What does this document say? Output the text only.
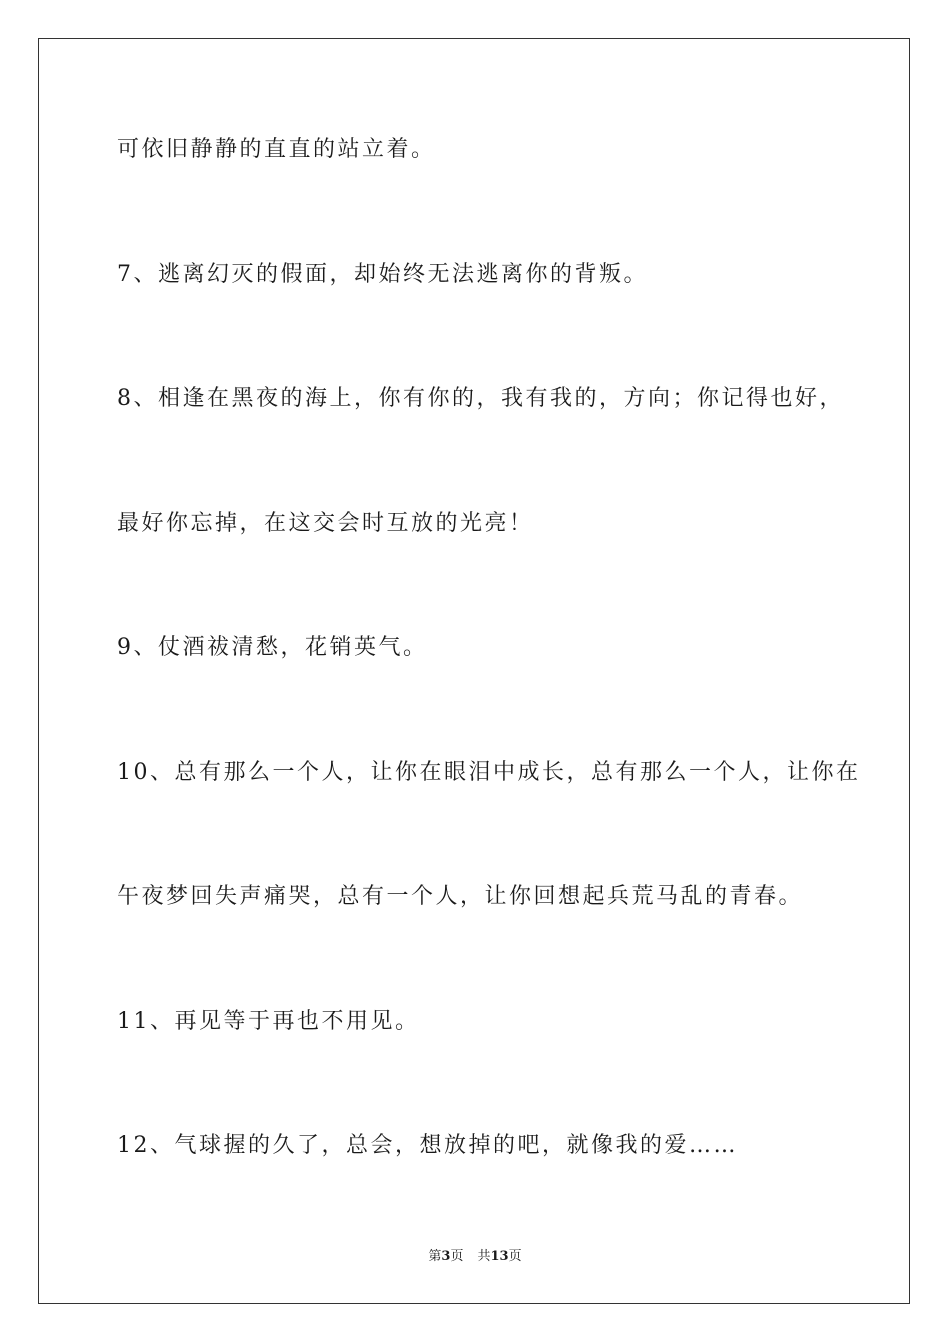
可依旧静静的直直的站立着。
7、逃离幻灭的假面，却始终无法逃离你的背叛。
8、相逢在黑夜的海上，你有你的，我有我的，方向；你记得也好，
最好你忘掉，在这交会时互放的光亮！
9、仗酒祓清愁，花销英气。
10、总有那么一个人，让你在眼泪中成长，总有那么一个人，让你在
午夜梦回失声痛哭，总有一个人，让你回想起兵荒马乱的青春。
11、再见等于再也不用见。
12、气球握的久了，总会，想放掉的吧，就像我的爱……
第3页 共13页
